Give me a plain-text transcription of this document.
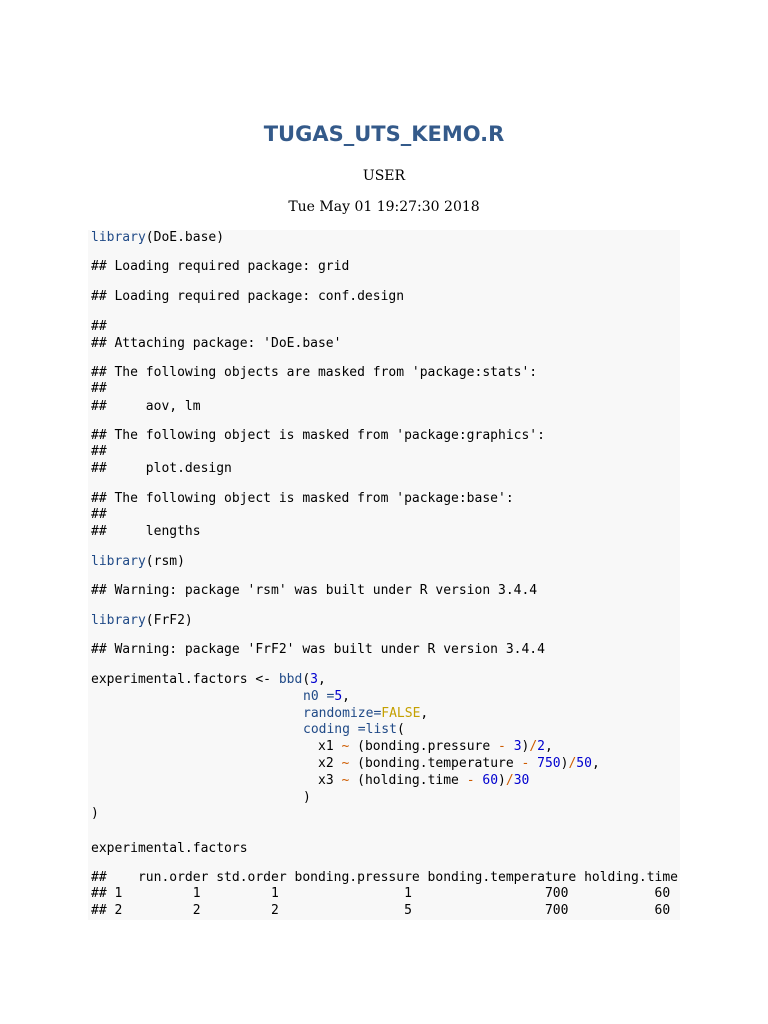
TUGAS_UTS_KEMO.R
USER
Tue May 01 19:27:30 2018
library(DoE.base)
## Loading required package: grid
## Loading required package: conf.design
##
## Attaching package: 'DoE.base'
## The following objects are masked from 'package:stats':
##
##     aov, lm
## The following object is masked from 'package:graphics':
##
##     plot.design
## The following object is masked from 'package:base':
##
##     lengths
library(rsm)
## Warning: package 'rsm' was built under R version 3.4.4
library(FrF2)
## Warning: package 'FrF2' was built under R version 3.4.4
experimental.factors <- bbd(3,
n0 =5,
randomize=FALSE,
coding =list(
x1 ~ (bonding.pressure - 3)/2,
x2 ~ (bonding.temperature - 750)/50,
x3 ~ (holding.time - 60)/30
)
)
experimental.factors
##    run.order std.order bonding.pressure bonding.temperature holding.time
## 1         1         1                1                 700           60
## 2         2         2                5                 700           60
